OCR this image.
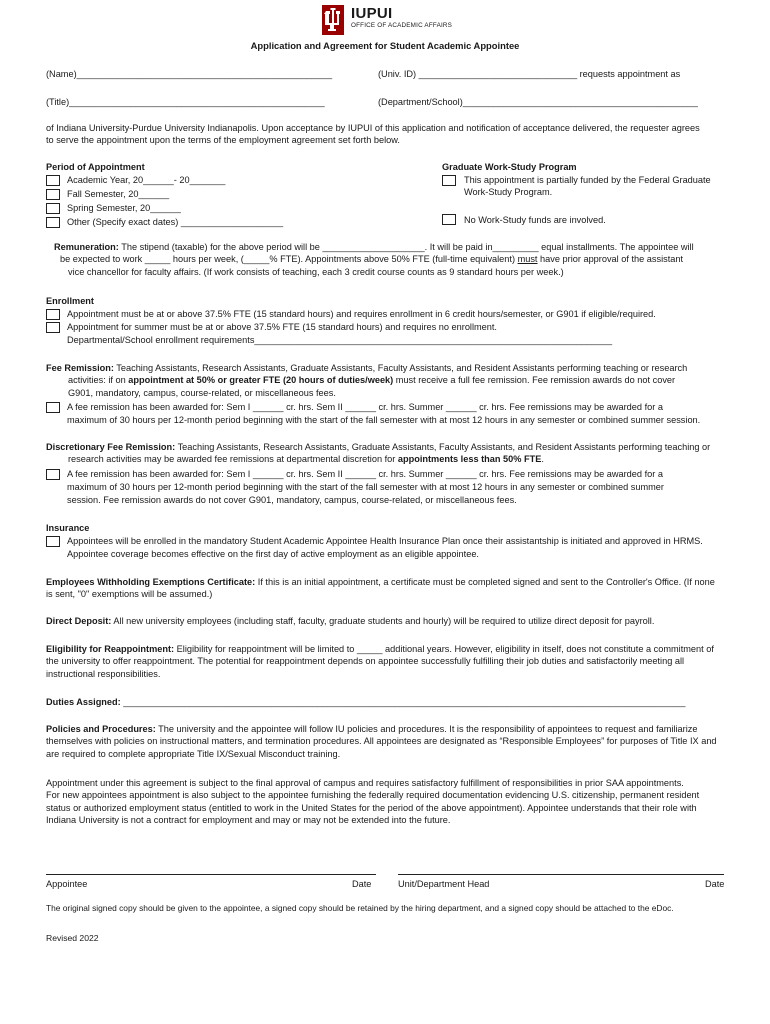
IUPUI
OFFICE OF ACADEMIC AFFAIRS
Application and Agreement for Student Academic Appointee
(Name)__________________________________________________	(Univ. ID) _______________________________ requests appointment as
(Title)__________________________________________________	(Department/School)______________________________________________
of Indiana University-Purdue University Indianapolis. Upon acceptance by IUPUI of this application and notification of acceptance delivered, the requester agrees
to serve the appointment upon the terms of the employment agreement set forth below.
Period of Appointment
Academic Year, 20______- 20_______
Fall Semester, 20______
Spring Semester, 20______
Other (Specify exact dates) ____________________
Graduate Work-Study Program
This appointment is partially funded by the Federal Graduate
Work-Study Program.
No Work-Study funds are involved.
Remuneration: The stipend (taxable) for the above period will be ____________________. It will be paid in_________ equal installments. The appointee will
be expected to work _____ hours per week, (_____% FTE). Appointments above 50% FTE (full-time equivalent) must have prior approval of the assistant
vice chancellor for faculty affairs. (If work consists of teaching, each 3 credit course counts as 9 standard hours per week.)
Enrollment
Appointment must be at or above 37.5% FTE (15 standard hours) and requires enrollment in 6 credit hours/semester, or G901 if eligible/required.
Appointment for summer must be at or above 37.5% FTE (15 standard hours) and requires no enrollment.
Departmental/School enrollment requirements______________________________________________________________________
Fee Remission: Teaching Assistants, Research Assistants, Graduate Assistants, Faculty Assistants, and Resident Assistants performing teaching or research
activities: if on appointment at 50% or greater FTE (20 hours of duties/week) must receive a full fee remission. Fee remission awards do not cover
G901, mandatory, campus, course-related, or miscellaneous fees.
A fee remission has been awarded for: Sem I ______ cr. hrs. Sem II ______ cr. hrs. Summer ______ cr. hrs. Fee remissions may be awarded for a
maximum of 30 hours per 12-month period beginning with the start of the fall semester with at most 12 hours in any semester or combined summer session.
Discretionary Fee Remission: Teaching Assistants, Research Assistants, Graduate Assistants, Faculty Assistants, and Resident Assistants performing teaching or
research activities may be awarded fee remissions at departmental discretion for appointments less than 50% FTE.
A fee remission has been awarded for: Sem I ______ cr. hrs. Sem II ______ cr. hrs. Summer ______ cr. hrs. Fee remissions may be awarded for a
maximum of 30 hours per 12-month period beginning with the start of the fall semester with at most 12 hours in any semester or combined summer
session. Fee remission awards do not cover G901, mandatory, campus, course-related, or miscellaneous fees.
Insurance
Appointees will be enrolled in the mandatory Student Academic Appointee Health Insurance Plan once their assistantship is initiated and approved in HRMS.
Appointee coverage becomes effective on the first day of active employment as an eligible appointee.
Employees Withholding Exemptions Certificate: If this is an initial appointment, a certificate must be completed signed and sent to the Controller's Office. (If none
is sent, "0" exemptions will be assumed.)
Direct Deposit: All new university employees (including staff, faculty, graduate students and hourly) will be required to utilize direct deposit for payroll.
Eligibility for Reappointment: Eligibility for reappointment will be limited to _____ additional years. However, eligibility in itself, does not constitute a commitment of
the university to offer reappointment. The potential for reappointment depends on appointee successfully fulfilling their job duties and satisfactorily meeting all
instructional responsibilities.
Duties Assigned: ______________________________________________________________________________________________________________
Policies and Procedures: The university and the appointee will follow IU policies and procedures. It is the responsibility of appointees to request and familiarize
themselves with policies on instructional matters, and termination procedures. All appointees are designated as “Responsible Employees” for purposes of Title IX and
are required to complete appropriate Title IX/Sexual Misconduct training.
Appointment under this agreement is subject to the final approval of campus and requires satisfactory fulfillment of responsibilities in prior SAA appointments.
For new appointees appointment is also subject to the appointee furnishing the federally required documentation evidencing U.S. citizenship, permanent resident
status or authorized employment status (entitled to work in the United States for the period of the above appointment). Appointee understands that their role with
Indiana University is not a contract for employment and may or may not be extended into the future.
Appointee	Date	Unit/Department Head	Date
The original signed copy should be given to the appointee, a signed copy should be retained by the hiring department, and a signed copy should be attached to the eDoc.
Revised 2022
